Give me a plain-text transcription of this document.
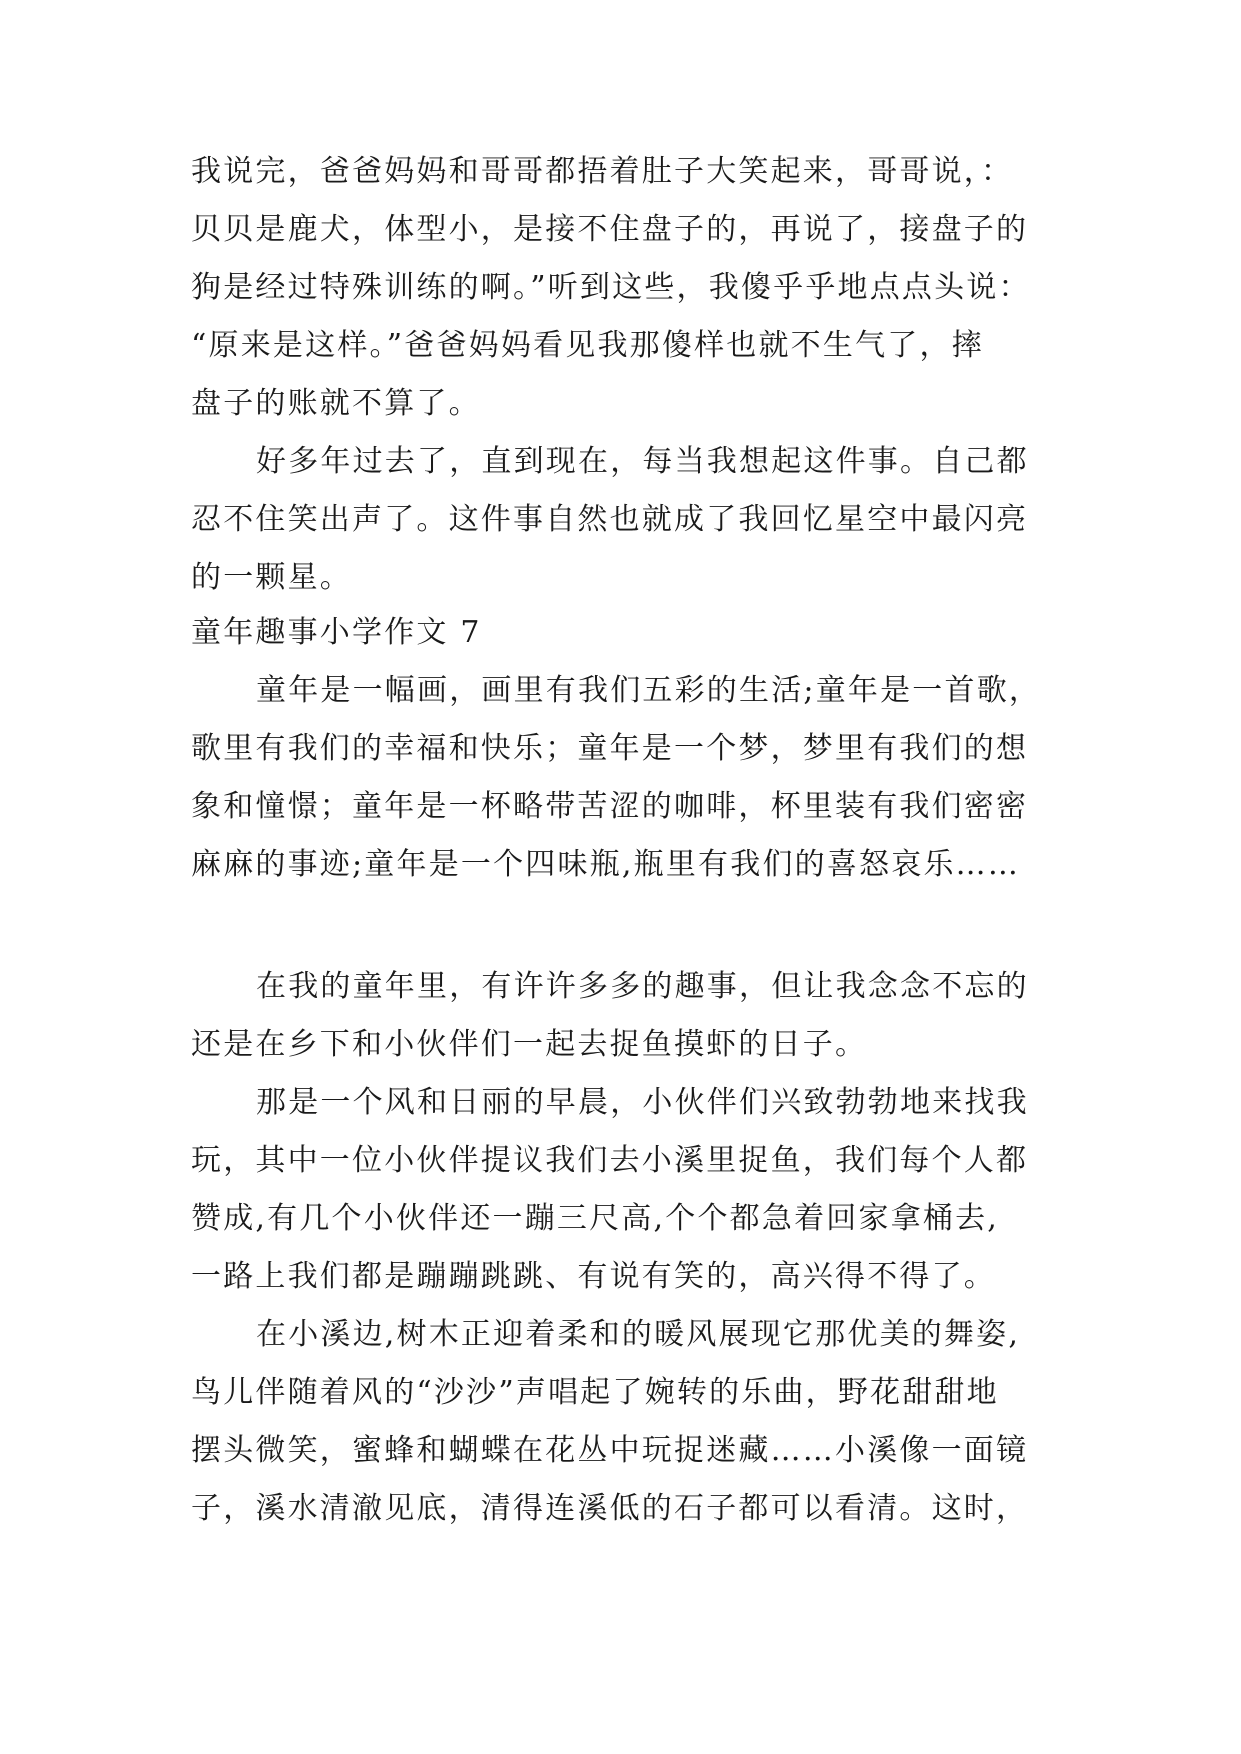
我说完，爸爸妈妈和哥哥都捂着肚子大笑起来，哥哥说，：
贝贝是鹿犬，体型小，是接不住盘子的，再说了，接盘子的
狗是经过特殊训练的啊。”听到这些，我傻乎乎地点点头说：
“原来是这样。”爸爸妈妈看见我那傻样也就不生气了，摔
盘子的账就不算了。
好多年过去了，直到现在，每当我想起这件事。自己都
忍不住笑出声了。这件事自然也就成了我回忆星空中最闪亮
的一颗星。
童年趣事小学作文 7
童年是一幅画，画里有我们五彩的生活;童年是一首歌，
歌里有我们的幸福和快乐；童年是一个梦，梦里有我们的想
象和憧憬；童年是一杯略带苦涩的咖啡，杯里装有我们密密
麻麻的事迹;童年是一个四味瓶,瓶里有我们的喜怒哀乐……
在我的童年里，有许许多多的趣事，但让我念念不忘的
还是在乡下和小伙伴们一起去捉鱼摸虾的日子。
那是一个风和日丽的早晨，小伙伴们兴致勃勃地来找我
玩，其中一位小伙伴提议我们去小溪里捉鱼，我们每个人都
赞成,有几个小伙伴还一蹦三尺高,个个都急着回家拿桶去,
一路上我们都是蹦蹦跳跳、有说有笑的，高兴得不得了。
在小溪边,树木正迎着柔和的暖风展现它那优美的舞姿,
鸟儿伴随着风的“沙沙”声唱起了婉转的乐曲，野花甜甜地
摆头微笑，蜜蜂和蝴蝶在花丛中玩捉迷藏……小溪像一面镜
子，溪水清澈见底，清得连溪低的石子都可以看清。这时，
